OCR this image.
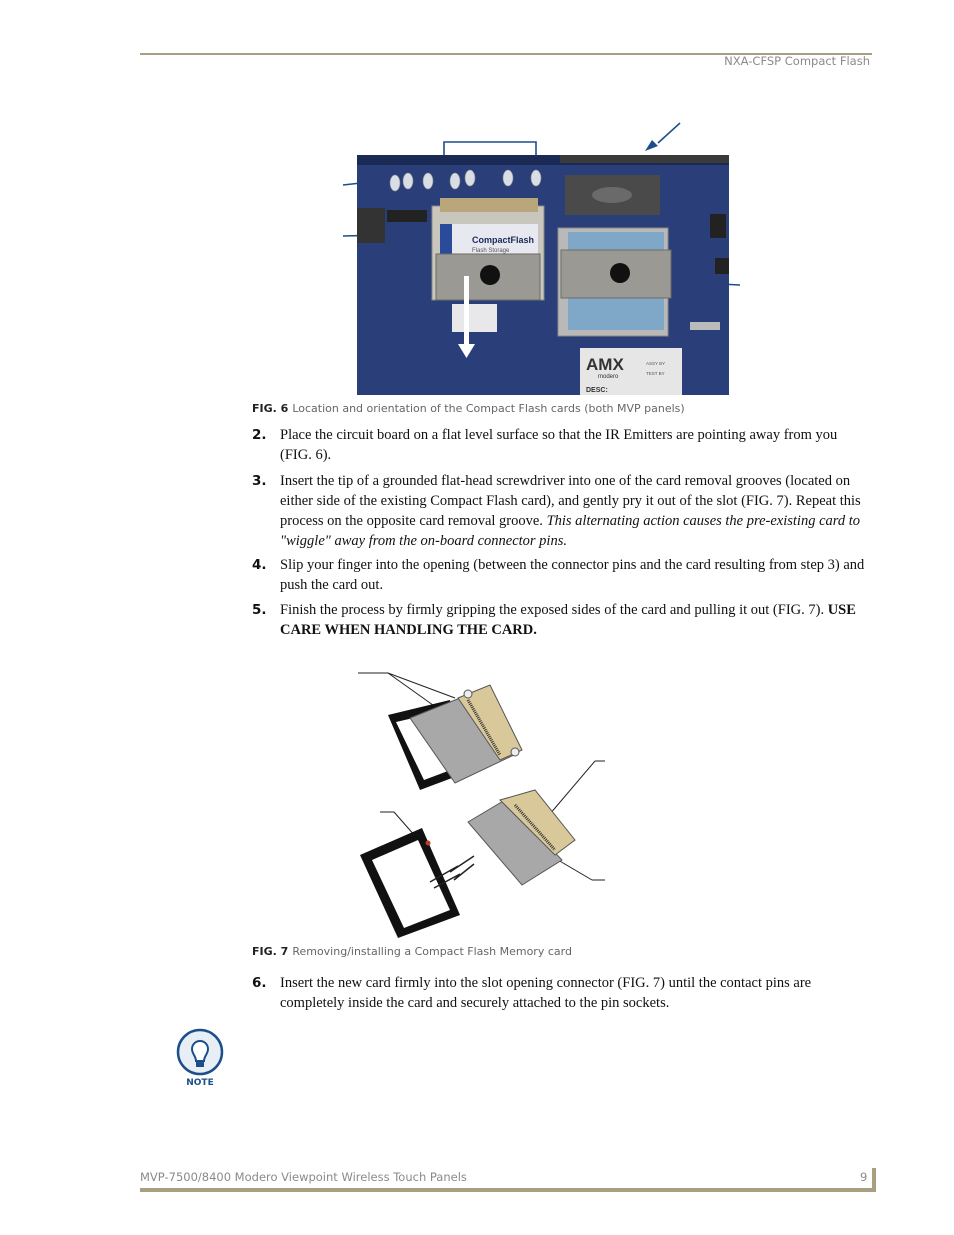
NXA-CFSP Compact Flash
CompactFlash
Flash Storage
AMX
modero
ASSY BY
TEST BY
DESC:
FIG. 6 Location and orientation of the Compact Flash cards (both MVP panels)
2. Place the circuit board on a flat level surface so that the IR Emitters are pointing away from you (FIG. 6).
3. Insert the tip of a grounded flat-head screwdriver into one of the card removal grooves (located on either side of the existing Compact Flash card), and gently pry it out of the slot (FIG. 7). Repeat this process on the opposite card removal groove. This alternating action causes the pre-existing card to "wiggle" away from the on-board connector pins.
4. Slip your finger into the opening (between the connector pins and the card resulting from step 3) and push the card out.
5. Finish the process by firmly gripping the exposed sides of the card and pulling it out (FIG. 7). USE CARE WHEN HANDLING THE CARD.
FIG. 7 Removing/installing a Compact Flash Memory card
6. Insert the new card firmly into the slot opening connector (FIG. 7) until the contact pins are completely inside the card and securely attached to the pin sockets.
NOTE
MVP-7500/8400 Modero Viewpoint Wireless Touch Panels	9
